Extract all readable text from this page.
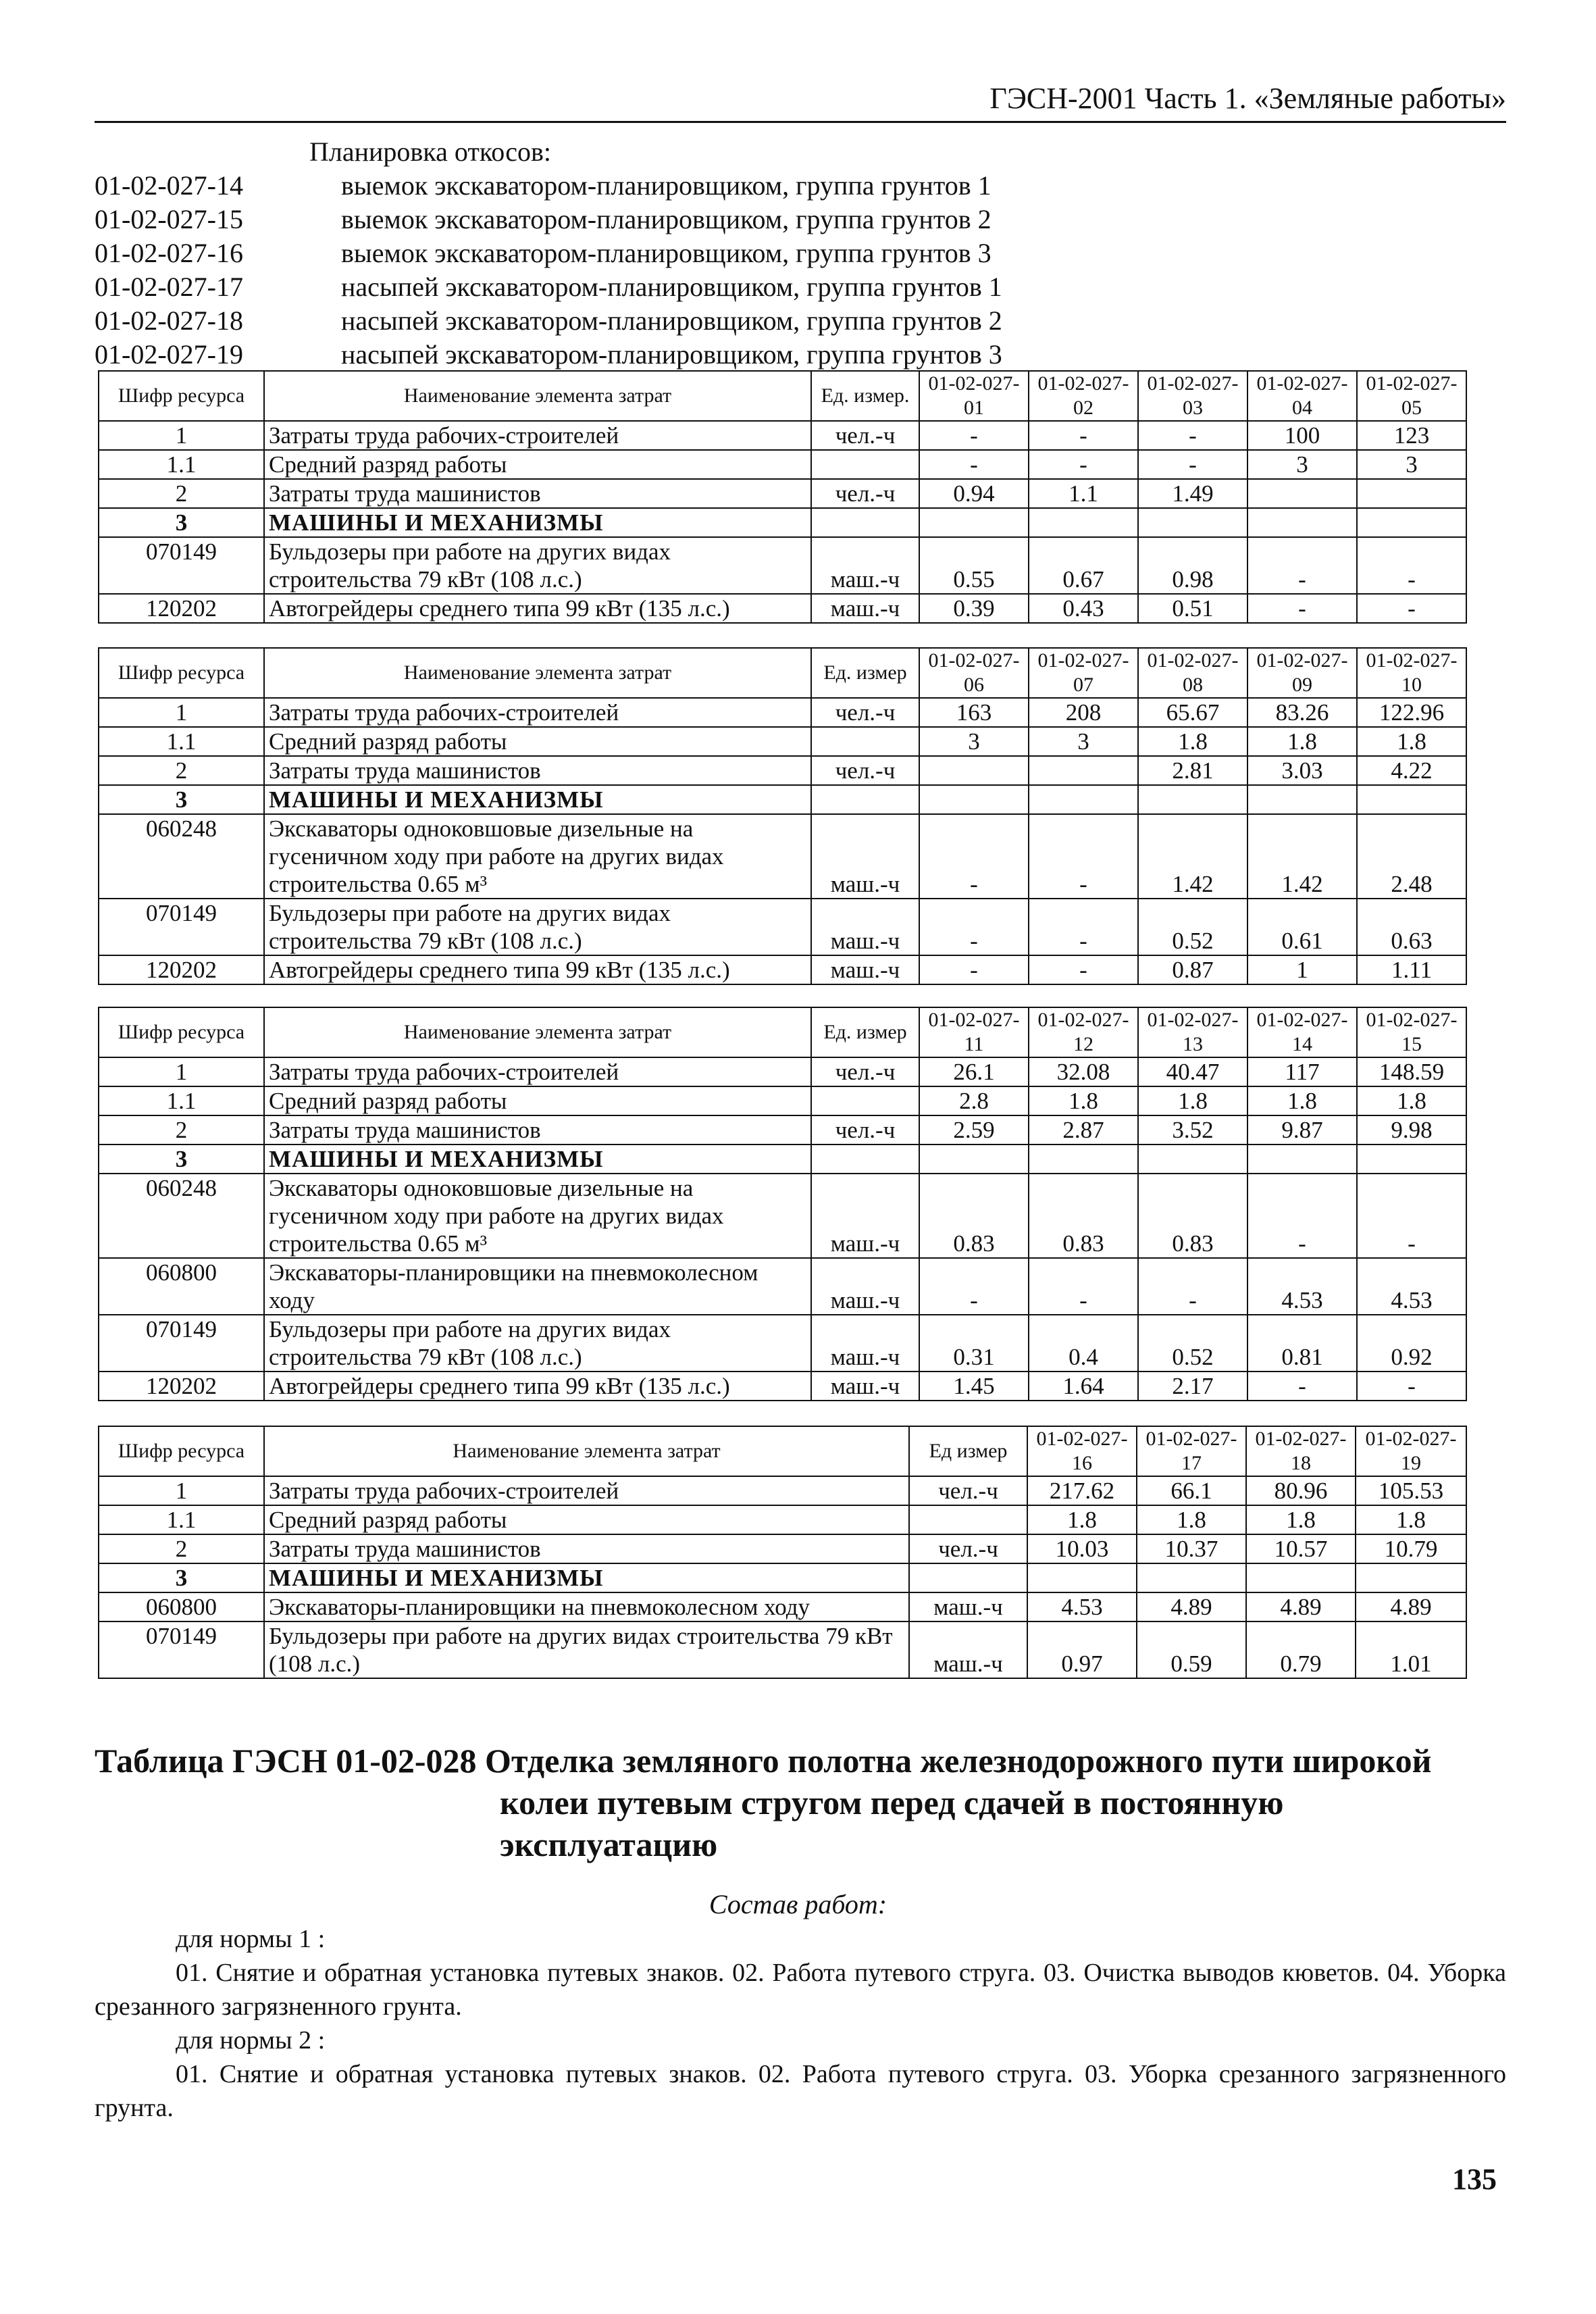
ГЭСН-2001 Часть 1. «Земляные работы»
Планировка откосов:
01-02-027-14	выемок экскаватором-планировщиком, группа грунтов 1
01-02-027-15	выемок экскаватором-планировщиком, группа грунтов 2
01-02-027-16	выемок экскаватором-планировщиком, группа грунтов 3
01-02-027-17	насыпей экскаватором-планировщиком, группа грунтов 1
01-02-027-18	насыпей экскаватором-планировщиком, группа грунтов 2
01-02-027-19	насыпей экскаватором-планировщиком, группа грунтов 3
Шифр ресурса	Наименование элемента затрат	Ед. измер.	01-02-027-01	01-02-027-02	01-02-027-03	01-02-027-04	01-02-027-05
1	Затраты труда рабочих-строителей	чел.-ч	-	-	-	100	123
1.1	Средний разряд работы		-	-	-	3	3
2	Затраты труда машинистов	чел.-ч	0.94	1.1	1.49		
3	МАШИНЫ И МЕХАНИЗМЫ						
070149	Бульдозеры при работе на других видах строительства 79 кВт (108 л.с.)	маш.-ч	0.55	0.67	0.98	-	-
120202	Автогрейдеры среднего типа 99 кВт (135 л.с.)	маш.-ч	0.39	0.43	0.51	-	-
Шифр ресурса	Наименование элемента затрат	Ед. измер	01-02-027-06	01-02-027-07	01-02-027-08	01-02-027-09	01-02-027-10
1	Затраты труда рабочих-строителей	чел.-ч	163	208	65.67	83.26	122.96
1.1	Средний разряд работы		3	3	1.8	1.8	1.8
2	Затраты труда машинистов	чел.-ч			2.81	3.03	4.22
3	МАШИНЫ И МЕХАНИЗМЫ						
060248	Экскаваторы одноковшовые дизельные на гусеничном ходу при работе на других видах строительства 0.65 м³	маш.-ч	-	-	1.42	1.42	2.48
070149	Бульдозеры при работе на других видах строительства 79 кВт (108 л.с.)	маш.-ч	-	-	0.52	0.61	0.63
120202	Автогрейдеры среднего типа 99 кВт (135 л.с.)	маш.-ч	-	-	0.87	1	1.11
Шифр ресурса	Наименование элемента затрат	Ед. измер	01-02-027-11	01-02-027-12	01-02-027-13	01-02-027-14	01-02-027-15
1	Затраты труда рабочих-строителей	чел.-ч	26.1	32.08	40.47	117	148.59
1.1	Средний разряд работы		2.8	1.8	1.8	1.8	1.8
2	Затраты труда машинистов	чел.-ч	2.59	2.87	3.52	9.87	9.98
3	МАШИНЫ И МЕХАНИЗМЫ						
060248	Экскаваторы одноковшовые дизельные на гусеничном ходу при работе на других видах строительства 0.65 м³	маш.-ч	0.83	0.83	0.83	-	-
060800	Экскаваторы-планировщики на пневмоколесном ходу	маш.-ч	-	-	-	4.53	4.53
070149	Бульдозеры при работе на других видах строительства 79 кВт (108 л.с.)	маш.-ч	0.31	0.4	0.52	0.81	0.92
120202	Автогрейдеры среднего типа 99 кВт (135 л.с.)	маш.-ч	1.45	1.64	2.17	-	-
Шифр ресурса	Наименование элемента затрат	Ед измер	01-02-027-16	01-02-027-17	01-02-027-18	01-02-027-19
1	Затраты труда рабочих-строителей	чел.-ч	217.62	66.1	80.96	105.53
1.1	Средний разряд работы		1.8	1.8	1.8	1.8
2	Затраты труда машинистов	чел.-ч	10.03	10.37	10.57	10.79
3	МАШИНЫ И МЕХАНИЗМЫ					
060800	Экскаваторы-планировщики на пневмоколесном ходу	маш.-ч	4.53	4.89	4.89	4.89
070149	Бульдозеры при работе на других видах строительства 79 кВт (108 л.с.)	маш.-ч	0.97	0.59	0.79	1.01
Таблица ГЭСН 01-02-028 Отделка земляного полотна железнодорожного пути широкой колеи путевым стругом перед сдачей в постоянную эксплуатацию
Состав работ:

для нормы 1 :

01. Снятие и обратная установка путевых знаков. 02. Работа путевого струга. 03. Очистка выводов кюветов. 04. Уборка срезанного загрязненного грунта.

для нормы 2 :

01. Снятие и обратная установка путевых знаков. 02. Работа путевого струга. 03. Уборка срезанного загрязненного грунта.

135
